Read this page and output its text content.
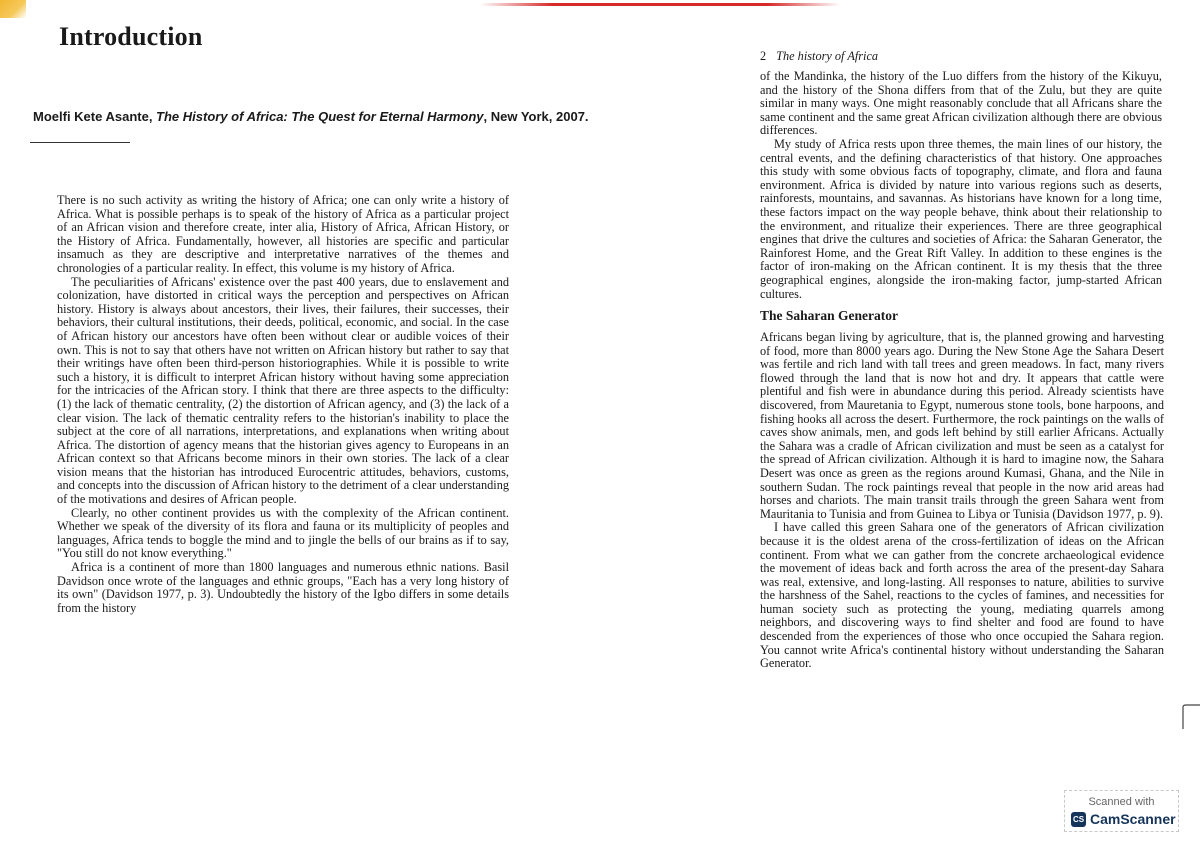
Introduction

Moelfi Kete Asante, The History of Africa: The Quest for Eternal Harmony, New York, 2007.

There is no such activity as writing the history of Africa; one can only write a history of Africa. What is possible perhaps is to speak of the history of Africa as a particular project of an African vision and therefore create, inter alia, History of Africa, African History, or the History of Africa. Fundamentally, however, all histories are specific and particular insamuch as they are descriptive and interpretative narratives of the themes and chronologies of a particular reality. In effect, this volume is my history of Africa.

The peculiarities of Africans' existence over the past 400 years, due to enslavement and colonization, have distorted in critical ways the perception and perspectives on African history. History is always about ancestors, their lives, their failures, their successes, their behaviors, their cultural institutions, their deeds, political, economic, and social. In the case of African history our ancestors have often been without clear or audible voices of their own. This is not to say that others have not written on African history but rather to say that their writings have often been third-person historiographies. While it is possible to write such a history, it is difficult to interpret African history without having some appreciation for the intricacies of the African story. I think that there are three aspects to the difficulty: (1) the lack of thematic centrality, (2) the distortion of African agency, and (3) the lack of a clear vision. The lack of thematic centrality refers to the historian's inability to place the subject at the core of all narrations, interpretations, and explanations when writing about Africa. The distortion of agency means that the historian gives agency to Europeans in an African context so that Africans become minors in their own stories. The lack of a clear vision means that the historian has introduced Eurocentric attitudes, behaviors, customs, and concepts into the discussion of African history to the detriment of a clear understanding of the motivations and desires of African people.

Clearly, no other continent provides us with the complexity of the African continent. Whether we speak of the diversity of its flora and fauna or its multiplicity of peoples and languages, Africa tends to boggle the mind and to jingle the bells of our brains as if to say, "You still do not know everything."

Africa is a continent of more than 1800 languages and numerous ethnic nations. Basil Davidson once wrote of the languages and ethnic groups, "Each has a very long history of its own" (Davidson 1977, p. 3). Undoubtedly the history of the Igbo differs in some details from the history

2 The history of Africa

of the Mandinka, the history of the Luo differs from the history of the Kikuyu, and the history of the Shona differs from that of the Zulu, but they are quite similar in many ways. One might reasonably conclude that all Africans share the same continent and the same great African civilization although there are obvious differences.

My study of Africa rests upon three themes, the main lines of our history, the central events, and the defining characteristics of that history. One approaches this study with some obvious facts of topography, climate, and flora and fauna environment. Africa is divided by nature into various regions such as deserts, rainforests, mountains, and savannas. As historians have known for a long time, these factors impact on the way people behave, think about their relationship to the environment, and ritualize their experiences. There are three geographical engines that drive the cultures and societies of Africa: the Saharan Generator, the Rainforest Home, and the Great Rift Valley. In addition to these engines is the factor of iron-making on the African continent. It is my thesis that the three geographical engines, alongside the iron-making factor, jump-started African cultures.

The Saharan Generator

Africans began living by agriculture, that is, the planned growing and harvesting of food, more than 8000 years ago. During the New Stone Age the Sahara Desert was fertile and rich land with tall trees and green meadows. In fact, many rivers flowed through the land that is now hot and dry. It appears that cattle were plentiful and fish were in abundance during this period. Already scientists have discovered, from Mauretania to Egypt, numerous stone tools, bone harpoons, and fishing hooks all across the desert. Furthermore, the rock paintings on the walls of caves show animals, men, and gods left behind by still earlier Africans. Actually the Sahara was a cradle of African civilization and must be seen as a catalyst for the spread of African civilization. Although it is hard to imagine now, the Sahara Desert was once as green as the regions around Kumasi, Ghana, and the Nile in southern Sudan. The rock paintings reveal that people in the now arid areas had horses and chariots. The main transit trails through the green Sahara went from Mauritania to Tunisia and from Guinea to Libya or Tunisia (Davidson 1977, p. 9).

I have called this green Sahara one of the generators of African civilization because it is the oldest arena of the cross-fertilization of ideas on the African continent. From what we can gather from the concrete archaeological evidence the movement of ideas back and forth across the area of the present-day Sahara was real, extensive, and long-lasting. All responses to nature, abilities to survive the harshness of the Sahel, reactions to the cycles of famines, and necessities for human society such as protecting the young, mediating quarrels among neighbors, and discovering ways to find shelter and food are found to have descended from the experiences of those who once occupied the Sahara region. You cannot write Africa's continental history without understanding the Saharan Generator.

Scanned with
CS CamScanner
